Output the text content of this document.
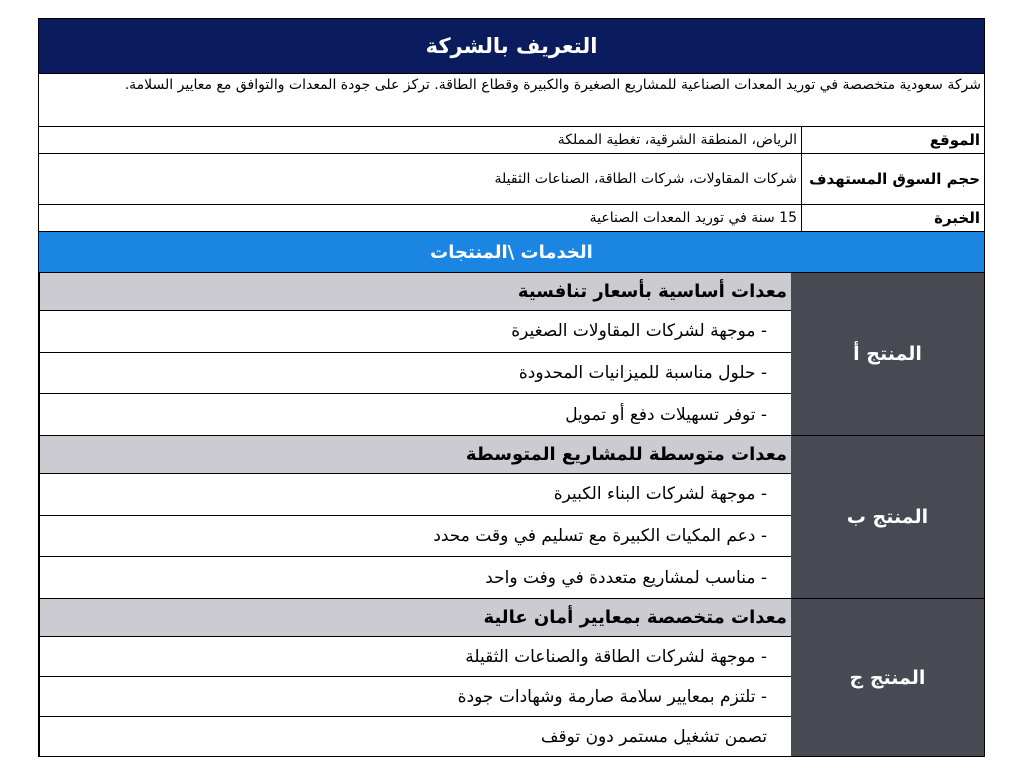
التعريف بالشركة
شركة سعودية متخصصة في توريد المعدات الصناعية للمشاريع الصغيرة والكبيرة وقطاع الطاقة. تركز على جودة المعدات والتوافق مع معايير السلامة.
الموقع
الرياض، المنطقة الشرقية، تغطية المملكة
حجم السوق المستهدف
شركات المقاولات، شركات الطاقة، الصناعات الثقيلة
الخبرة
15 سنة في توريد المعدات الصناعية
الخدمات \المنتجات
المنتج أ
معدات أساسية بأسعار تنافسية
- موجهة لشركات المقاولات الصغيرة
- حلول مناسبة للميزانيات المحدودة
- توفر تسهيلات دفع أو تمويل
المنتج ب
معدات متوسطة للمشاريع المتوسطة
- موجهة لشركات البناء الكبيرة
- دعم المكيات الكبيرة مع تسليم في وقت محدد
- مناسب لمشاريع متعددة في وفت واحد
المنتج ج
معدات متخصصة بمعايير أمان عالية
- موجهة لشركات الطاقة والصناعات الثقيلة
- تلتزم بمعايير سلامة صارمة وشهادات جودة
تصمن تشغيل مستمر دون توقف
